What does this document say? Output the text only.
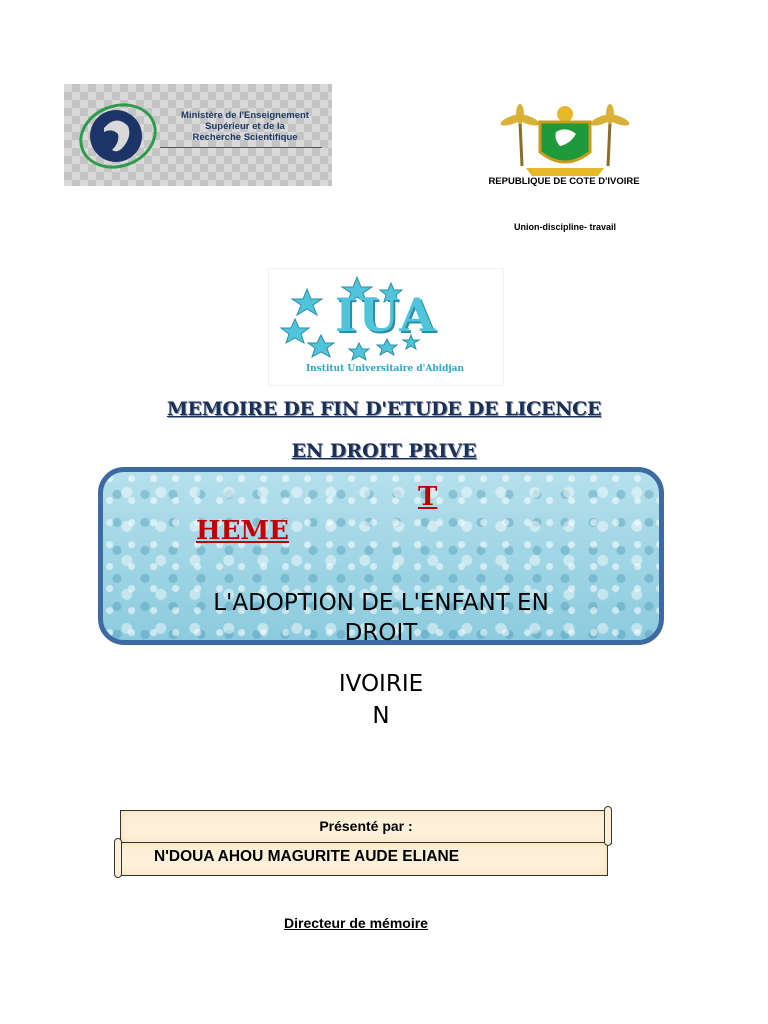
Ministère de l'Enseignement
Supérieur et de la
Recherche Scientifique
REPUBLIQUE DE COTE D'IVOIRE
Union-discipline- travail
IUA
Institut Universitaire d'Abidjan
MEMOIRE DE FIN D'ETUDE DE LICENCE
EN DROIT PRIVE
T
HEME
L'ADOPTION DE L'ENFANT EN
DROIT
IVOIRIE
N
Présenté par :
N'DOUA AHOU MAGURITE AUDE ELIANE
Directeur de mémoire
